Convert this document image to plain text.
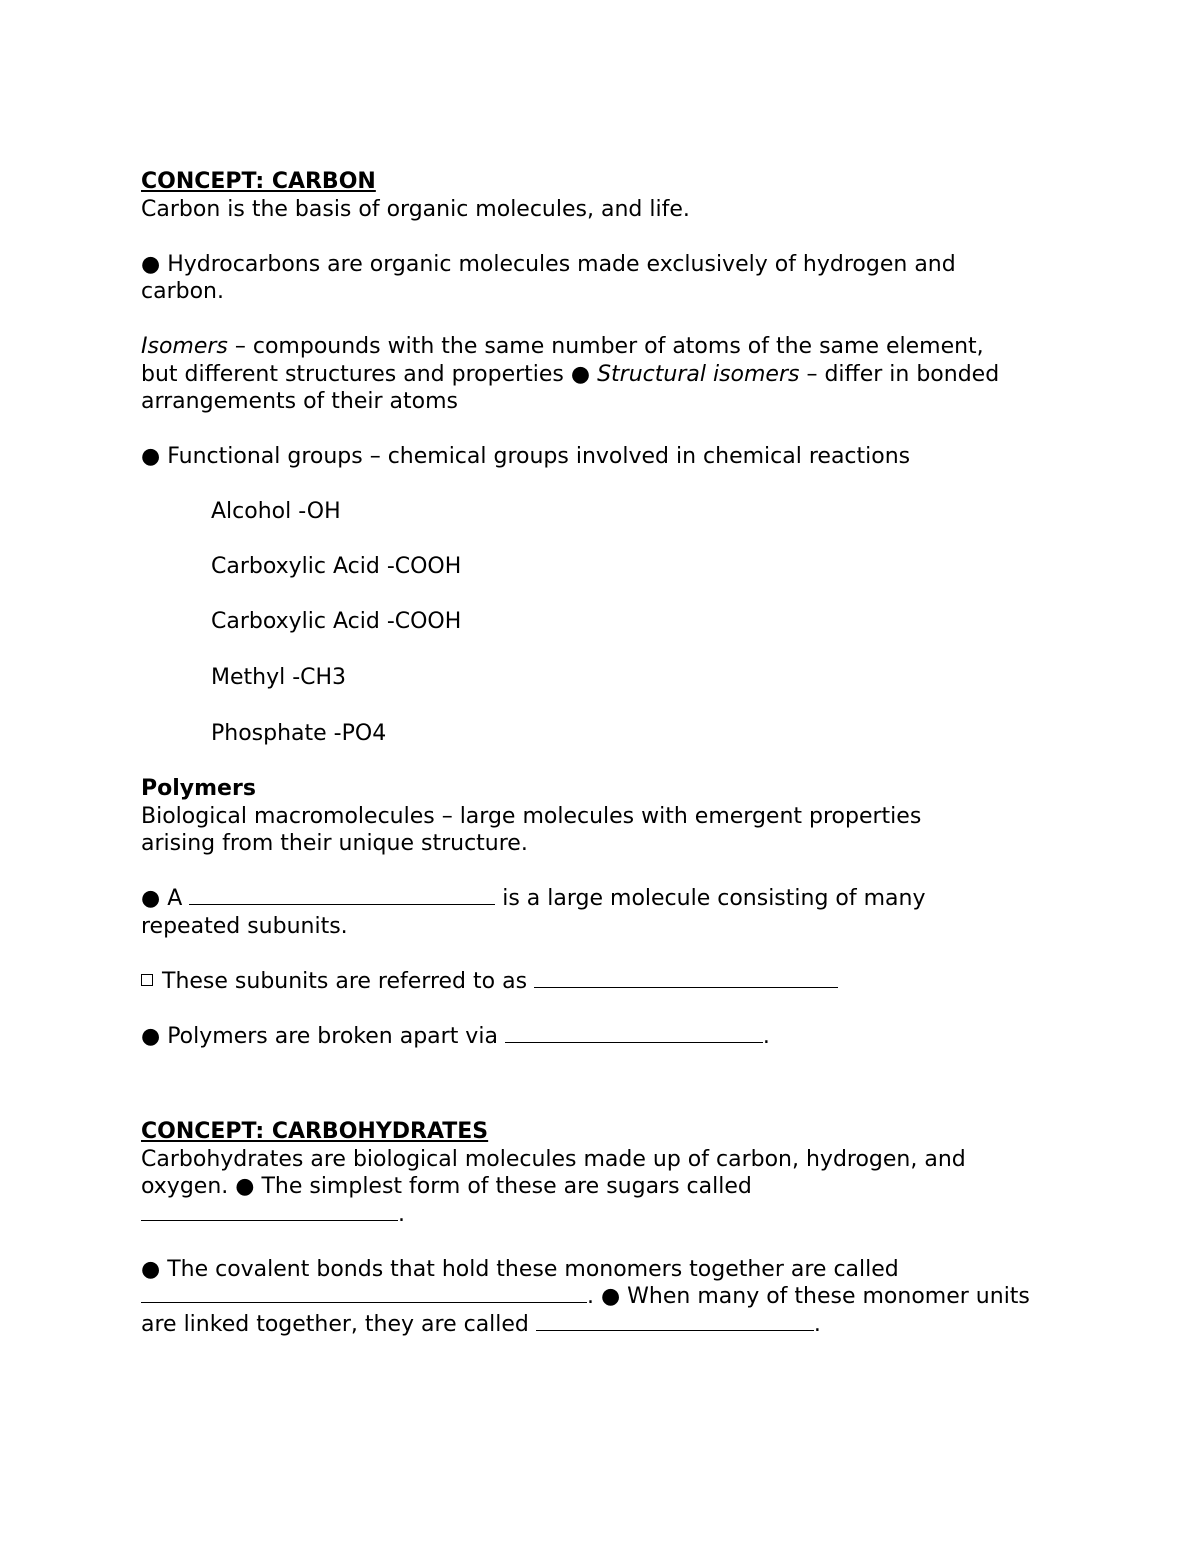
CONCEPT: CARBON
Carbon is the basis of organic molecules, and life.
● Hydrocarbons are organic molecules made exclusively of hydrogen and
carbon.
Isomers – compounds with the same number of atoms of the same element,
but different structures and properties ● Structural isomers – differ in bonded
arrangements of their atoms
● Functional groups – chemical groups involved in chemical reactions
Alcohol -OH
Carboxylic Acid -COOH
Carboxylic Acid -COOH
Methyl -CH3
Phosphate -PO4
Polymers
Biological macromolecules – large molecules with emergent properties
arising from their unique structure.
● A	is a large molecule consisting of many
repeated subunits.
These subunits are referred to as
● Polymers are broken apart via	.
CONCEPT: CARBOHYDRATES
Carbohydrates are biological molecules made up of carbon, hydrogen, and
oxygen. ● The simplest form of these are sugars called
.
● The covalent bonds that hold these monomers together are called
. ● When many of these monomer units
are linked together, they are called	.
